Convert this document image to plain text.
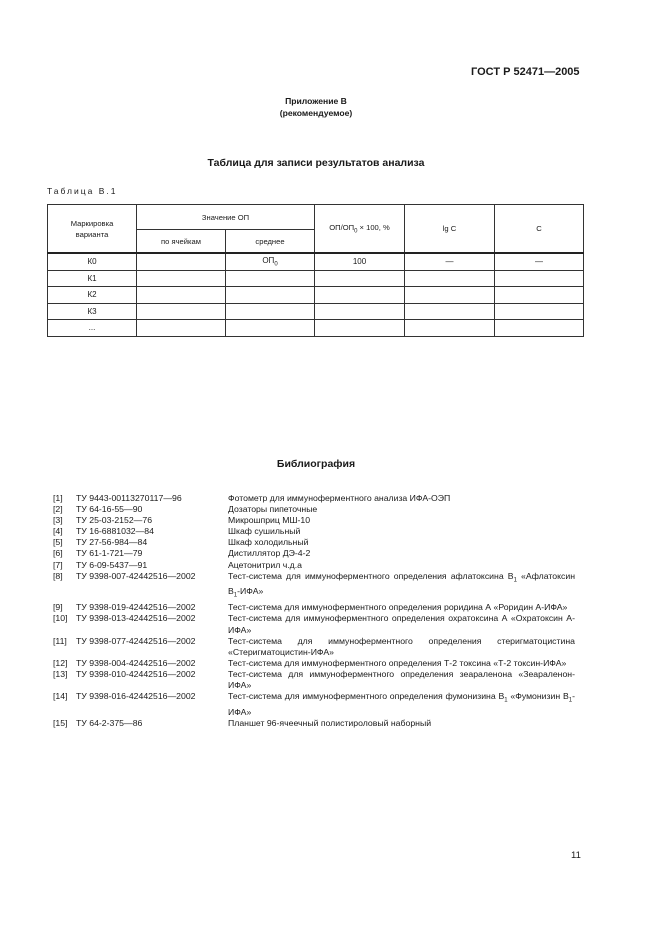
ГОСТ Р 52471—2005
Приложение В
(рекомендуемое)
Таблица для записи результатов анализа
Таблица В.1
Маркировка варианта	Значение ОП		$ОП/ОП_0 \times 100$, %	lg C	C
	по ячейкам	среднее			
К0		$ОП_0$	100	—	—
К1					
К2					
К3					
...					
Библиография
[1]	ТУ 9443-00113270117—96	Фотометр для иммуноферментного анализа ИФА-ОЭП
[2]	ТУ 64-16-55—90	Дозаторы пипеточные
[3]	ТУ 25-03-2152—76	Микрошприц МШ-10
[4]	ТУ 16-6881032—84	Шкаф сушильный
[5]	ТУ 27-56-984—84	Шкаф холодильный
[6]	ТУ 61-1-721—79	Дистиллятор ДЭ-4-2
[7]	ТУ 6-09-5437—91	Ацетонитрил ч.д.а
[8]	ТУ 9398-007-42442516—2002	Тест-система для иммуноферментного определения афлатоксина $В_1$ «Афлатоксин $В_1$-ИФА»
[9]	ТУ 9398-019-42442516—2002	Тест-система для иммуноферментного определения роридина А «Роридин А-ИФА»
[10] ТУ 9398-013-42442516—2002	Тест-система для иммуноферментного определения охратоксина А «Охратоксин А-ИФА»
[11]	ТУ 9398-077-42442516—2002	Тест-система для иммуноферментного определения стеригматоцистина «Стеригматоцистин-ИФА»
[12] ТУ 9398-004-42442516—2002	Тест-система для иммуноферментного определения Т-2 токсина «Т-2 токсин-ИФА»
[13] ТУ 9398-010-42442516—2002	Тест-система для иммуноферментного определения зеараленона «Зеараленон-ИФА»
[14] ТУ 9398-016-42442516—2002	Тест-система для иммуноферментного определения фумонизина $В_1$ «Фумонизин $В_1$-ИФА»
[15] ТУ 64-2-375—86	Планшет 96-ячеечный полистироловый наборный
11
